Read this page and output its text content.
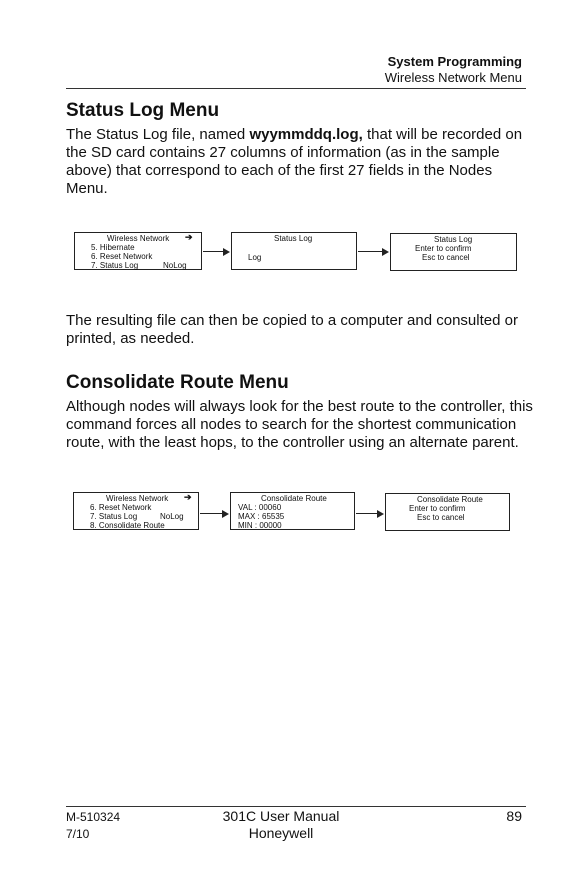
System Programming
Wireless Network Menu
Status Log Menu

The Status Log file, named wyymmddq.log, that will be recorded on the SD card contains 27 columns of information (as in the sample above) that correspond to each of the first 27 fields in the Nodes Menu.

Wireless Network ➔
5. Hibernate
6. Reset Network
7. Status Log	NoLog
Status Log
Log
Status Log
Enter to confirm
Esc to cancel

The resulting file can then be copied to a computer and consulted or printed, as needed.

Consolidate Route Menu

Although nodes will always look for the best route to the controller, this command forces all nodes to search for the shortest communication route, with the least hops, to the controller using an alternate parent.

Wireless Network ➔
6. Reset Network
7. Status Log	NoLog
8. Consolidate Route
Consolidate Route
VAL : 00060
MAX : 65535
MIN : 00000
Consolidate Route
Enter to confirm
Esc to cancel
M-510324
7/10
301C User Manual
Honeywell
89
